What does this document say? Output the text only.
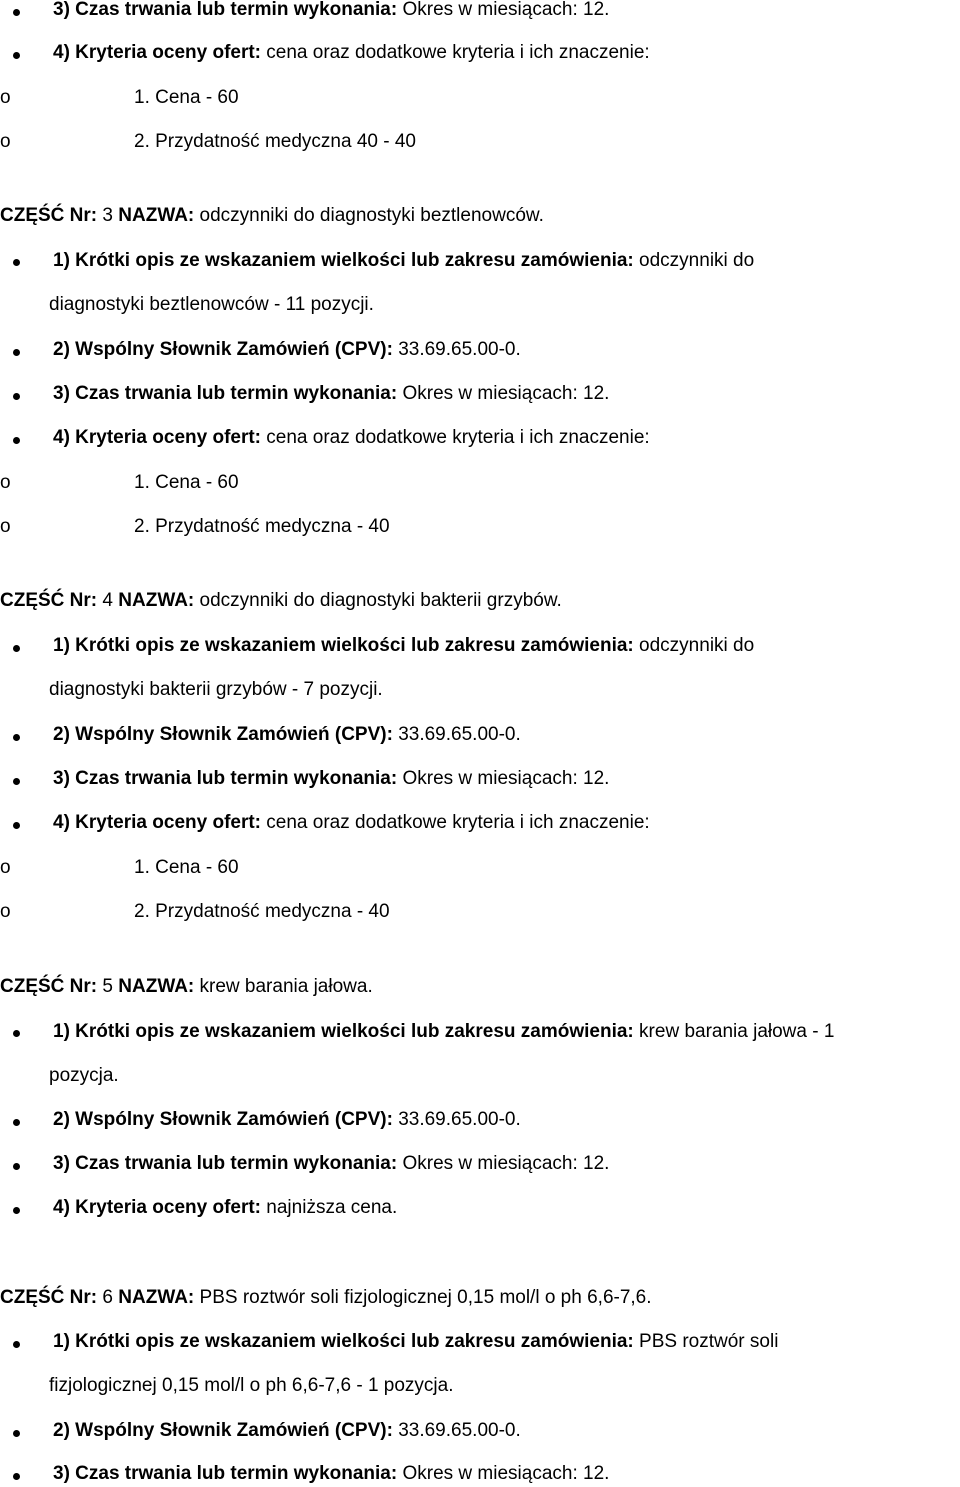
3) Czas trwania lub termin wykonania: Okres w miesiącach: 12.
4) Kryteria oceny ofert: cena oraz dodatkowe kryteria i ich znaczenie:
o	1. Cena - 60
o	2. Przydatność medyczna 40 - 40
CZĘŚĆ Nr: 3 NAZWA: odczynniki do diagnostyki beztlenowców.
1) Krótki opis ze wskazaniem wielkości lub zakresu zamówienia: odczynniki do
diagnostyki beztlenowców - 11 pozycji.
2) Wspólny Słownik Zamówień (CPV): 33.69.65.00-0.
3) Czas trwania lub termin wykonania: Okres w miesiącach: 12.
4) Kryteria oceny ofert: cena oraz dodatkowe kryteria i ich znaczenie:
o	1. Cena - 60
o	2. Przydatność medyczna - 40
CZĘŚĆ Nr: 4 NAZWA: odczynniki do diagnostyki bakterii grzybów.
1) Krótki opis ze wskazaniem wielkości lub zakresu zamówienia: odczynniki do
diagnostyki bakterii grzybów - 7 pozycji.
2) Wspólny Słownik Zamówień (CPV): 33.69.65.00-0.
3) Czas trwania lub termin wykonania: Okres w miesiącach: 12.
4) Kryteria oceny ofert: cena oraz dodatkowe kryteria i ich znaczenie:
o	1. Cena - 60
o	2. Przydatność medyczna - 40
CZĘŚĆ Nr: 5 NAZWA: krew barania jałowa.
1) Krótki opis ze wskazaniem wielkości lub zakresu zamówienia: krew barania jałowa - 1
pozycja.
2) Wspólny Słownik Zamówień (CPV): 33.69.65.00-0.
3) Czas trwania lub termin wykonania: Okres w miesiącach: 12.
4) Kryteria oceny ofert: najniższa cena.
CZĘŚĆ Nr: 6 NAZWA: PBS roztwór soli fizjologicznej 0,15 mol/l o ph 6,6-7,6.
1) Krótki opis ze wskazaniem wielkości lub zakresu zamówienia: PBS roztwór soli
fizjologicznej 0,15 mol/l o ph 6,6-7,6 - 1 pozycja.
2) Wspólny Słownik Zamówień (CPV): 33.69.65.00-0.
3) Czas trwania lub termin wykonania: Okres w miesiącach: 12.
